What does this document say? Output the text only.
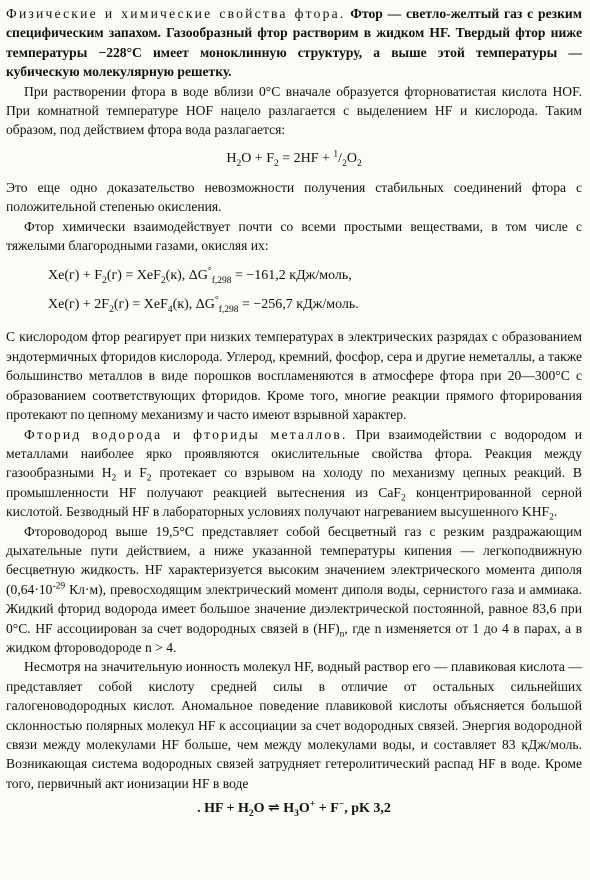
Физические и химические свойства фтора. Фтор — светло-желтый газ с резким специфическим запахом. Газообразный фтор растворим в жидком HF. Твердый фтор ниже температуры −228°C имеет моноклинную структуру, а выше этой температуры — кубическую молекулярную решетку.

При растворении фтора в воде вблизи 0°С вначале образуется фторноватистая кислота HOF. При комнатной температуре HOF нацело разлагается с выделением HF и кислорода. Таким образом, под действием фтора вода разлагается:

$H_2O + F_2 = 2HF + ^1/_2O_2$

Это еще одно доказательство невозможности получения стабильных соединений фтора с положительной степенью окисления.

Фтор химически взаимодействует почти со всеми простыми веществами, в том числе с тяжелыми благородными газами, окисляя их:

$Xe(г) + F_2(г) = XeF_2(к)$, $\Delta G^\circ_{f,298} = -161,2$ кДж/моль,
$Xe(г) + 2F_2(г) = XeF_4(к)$, $\Delta G^\circ_{f,298} = -256,7$ кДж/моль.

С кислородом фтор реагирует при низких температурах в электрических разрядах с образованием эндотермичных фторидов кислорода. Углерод, кремний, фосфор, сера и другие неметаллы, а также большинство металлов в виде порошков воспламеняются в атмосфере фтора при 20—300°С с образованием соответствующих фторидов. Кроме того, многие реакции прямого фторирования протекают по цепному механизму и часто имеют взрывной характер.

Фторид водорода и фториды металлов. При взаимодействии с водородом и металлами наиболее ярко проявляются окислительные свойства фтора. Реакция между газообразными $H_2$ и $F_2$ протекает со взрывом на холоду по механизму цепных реакций. В промышленности HF получают реакцией вытеснения из CaF$_2$ концентрированной серной кислотой. Безводный HF в лабораторных условиях получают нагреванием высушенного $KHF_2$.

Фтороводород выше 19,5°С представляет собой бесцветный газ с резким раздражающим дыхательные пути действием, а ниже указанной температуры кипения — легкоподвижную бесцветную жидкость. HF характеризуется высоким значением электрического момента диполя ($0,64\cdot 10^{-29}$ Кл·м), превосходящим электрический момент диполя воды, сернистого газа и аммиака. Жидкий фторид водорода имеет большое значение диэлектрической постоянной, равное 83,6 при 0°С. HF ассоциирован за счет водородных связей в $(HF)_n$, где n изменяется от 1 до 4 в парах, а в жидком фтороводороде n > 4.

Несмотря на значительную ионность молекул HF, водный раствор его — плавиковая кислота — представляет собой кислоту средней силы в отличие от остальных сильнейших галогеноводородных кислот. Аномальное поведение плавиковой кислоты объясняется большой склонностью полярных молекул HF к ассоциации за счет водородных связей. Энергия водородной связи между молекулами HF больше, чем между молекулами воды, и составляет 83 кДж/моль. Возникающая система водородных связей затрудняет гетеролитический распад HF в воде. Кроме того, первичный акт ионизации HF в воде

. HF + $H_2O$ ⇌ $H_3O^+ + F^-$, pK 3,2
